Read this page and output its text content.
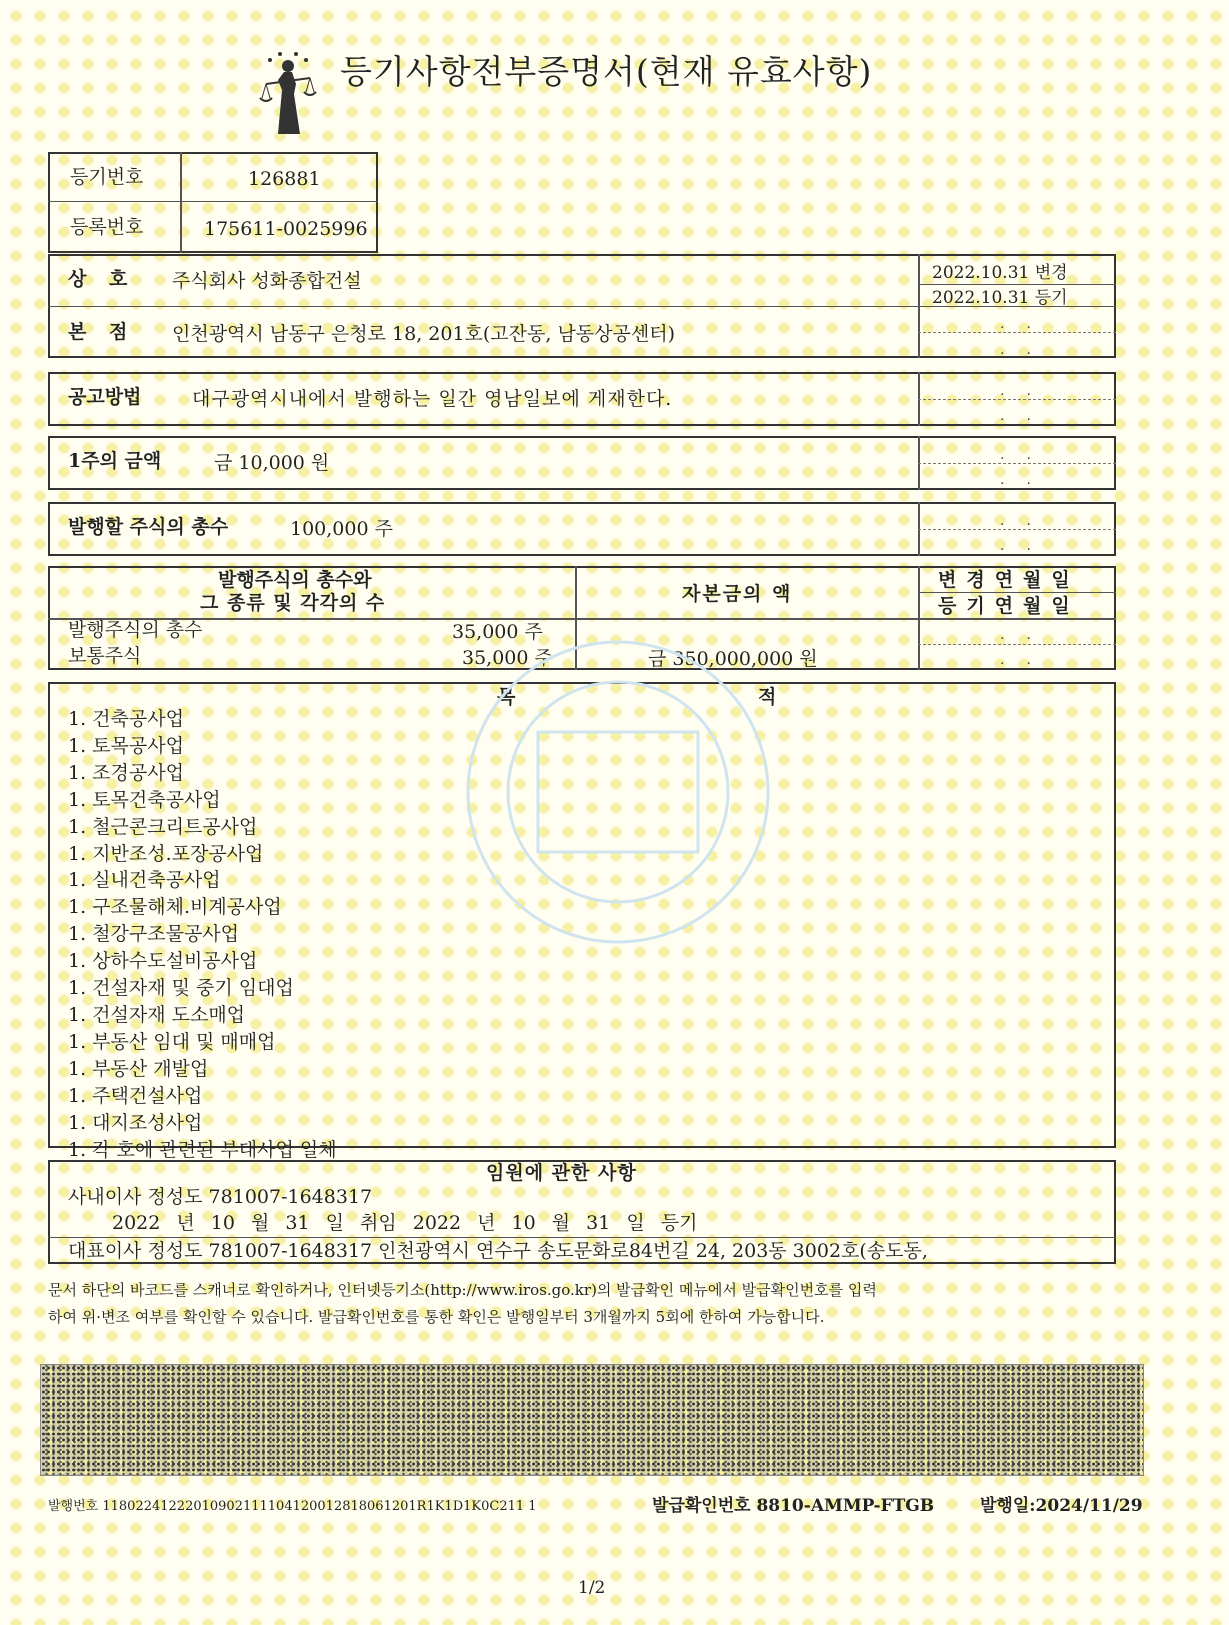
등기사항전부증명서(현재 유효사항)
등기번호	126881
등록번호	175611-0025996
상 호 주식회사 성화종합건설	2022.10.31 변경
2022.10.31 등기
본 점 인천광역시 남동구 은청로 18, 201호(고잔동, 남동상공센터)	..
..
..
..
공고방법	대구광역시내에서 발행하는 일간 영남일보에 게재한다.
..
..
1주의 금액	금 10,000 원
..
..
발행할 주식의 총수	100,000 주
발행주식의 총수와
그 종류 및 각각의 수	자본금의 액
변경연월일
등기연월일
발행주식의 총수	35,000 주
보통주식	35,000 주	금 350,000,000 원
..
..
목 적
1. 건축공사업
1. 토목공사업
1. 조경공사업
1. 토목건축공사업
1. 철근콘크리트공사업
1. 지반조성.포장공사업
1. 실내건축공사업
1. 구조물해체.비계공사업
1. 철강구조물공사업
1. 상하수도설비공사업
1. 건설자재 및 중기 임대업
1. 건설자재 도소매업
1. 부동산 임대 및 매매업
1. 부동산 개발업
1. 주택건설사업
1. 대지조성사업
1. 각 호에 관련된 부대사업 일체
임원에 관한 사항
사내이사 정성도 781007-1648317
2022 년 10 월 31 일 취임 2022 년 10 월 31 일 등기
대표이사 정성도 781007-1648317 인천광역시 연수구 송도문화로84번길 24, 203동 3002호(송도동,
문서 하단의 바코드를 스캐너로 확인하거나, 인터넷등기소(http://www.iros.go.kr)의 발급확인 메뉴에서 발급확인번호를 입력
하여 위·변조 여부를 확인할 수 있습니다. 발급확인번호를 통한 확인은 발행일부터 3개월까지 5회에 한하여 가능합니다.
발행번호 11802241222010902111104120012818061201R1K1D1K0C211 1	발급확인번호 8810-AMMP-FTGB	발행일:2024/11/29
1/2
